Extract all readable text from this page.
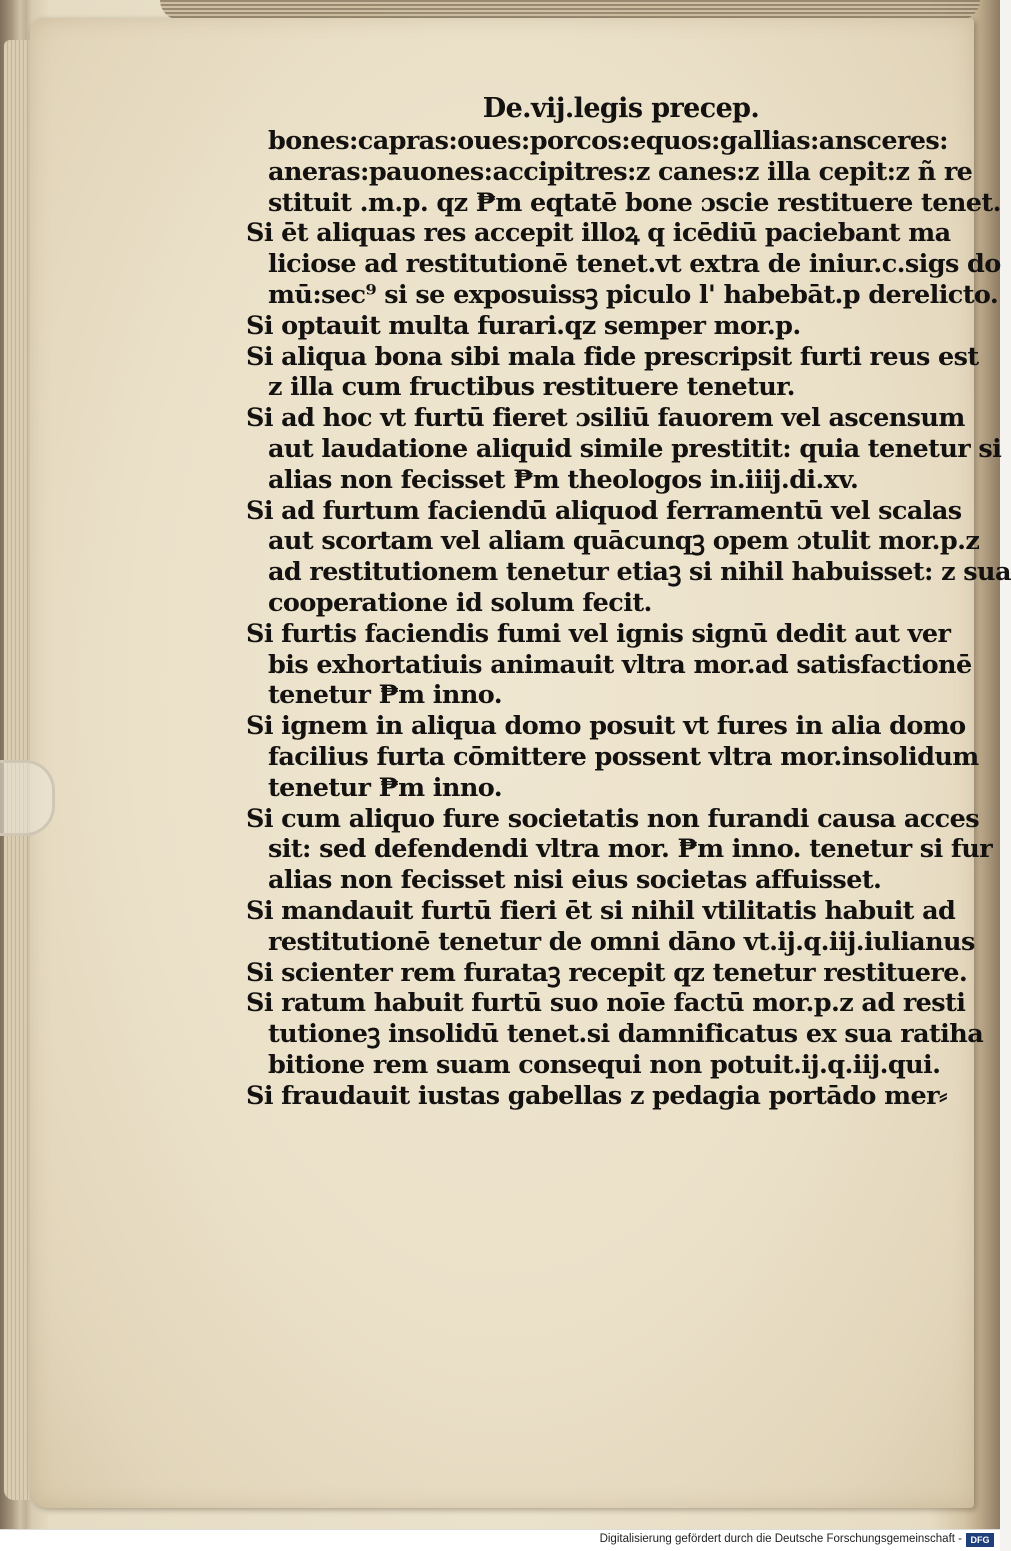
De.vij.legis precep.
bones:capras:oues:porcos:equos:gallias:ansceres:
aneras:pauones:accipitres:z canes:z illa cepit:z ñ re
stituit .m.p. qz ₱m eqtatē bone ɔscie restituere tenet.
Si ēt aliquas res accepit illoꝝ q icēdiū paciebant ma
liciose ad restitutionē tenet.vt extra de iniur.c.sigs do
mū:sec⁹ si se exposuissꝫ piculo l' habebāt.p derelicto.
Si optauit multa furari.qz semper mor.p.
Si aliqua bona sibi mala fide prescripsit furti reus est
z illa cum fructibus restituere tenetur.
Si ad hoc vt furtū fieret ɔsiliū fauorem vel ascensum
aut laudatione aliquid simile prestitit: quia tenetur si
alias non fecisset ₱m theologos in.iiij.di.xv.
Si ad furtum faciendū aliquod ferramentū vel scalas
aut scortam vel aliam quācunqꝫ opem ɔtulit mor.p.z
ad restitutionem tenetur etiaꝫ si nihil habuisset: z sua
cooperatione id solum fecit.
Si furtis faciendis fumi vel ignis signū dedit aut ver
bis exhortatiuis animauit vltra mor.ad satisfactionē
tenetur ₱m inno.
Si ignem in aliqua domo posuit vt fures in alia domo
facilius furta cōmittere possent vltra mor.insolidum
tenetur ₱m inno.
Si cum aliquo fure societatis non furandi causa acces
sit: sed defendendi vltra mor. ₱m inno. tenetur si fur
alias non fecisset nisi eius societas affuisset.
Si mandauit furtū fieri ēt si nihil vtilitatis habuit ad
restitutionē tenetur de omni dāno vt.ij.q.iij.iulianus
Si scienter rem furataꝫ recepit qz tenetur restituere.
Si ratum habuit furtū suo noīe factū mor.p.z ad resti
tutioneꝫ insolidū tenet.si damnificatus ex sua ratiha
bitione rem suam consequi non potuit.ij.q.iij.qui.
Si fraudauit iustas gabellas z pedagia portādo mer⸗
Digitalisierung gefördert durch die Deutsche Forschungsgemeinschaft - DFG
